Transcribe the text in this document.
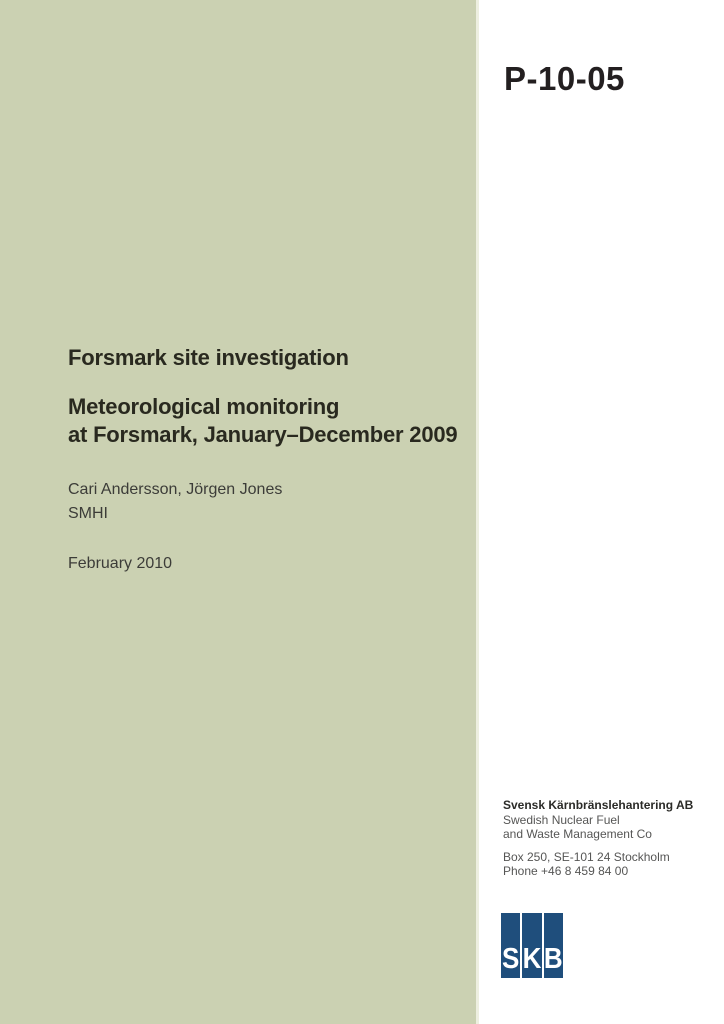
P-10-05
Forsmark site investigation
Meteorological monitoring
at Forsmark, January–December 2009
Cari Andersson, Jörgen Jones
SMHI
February 2010
Svensk Kärnbränslehantering AB
Swedish Nuclear Fuel
and Waste Management Co
Box 250, SE-101 24 Stockholm
Phone +46 8 459 84 00
S K B
